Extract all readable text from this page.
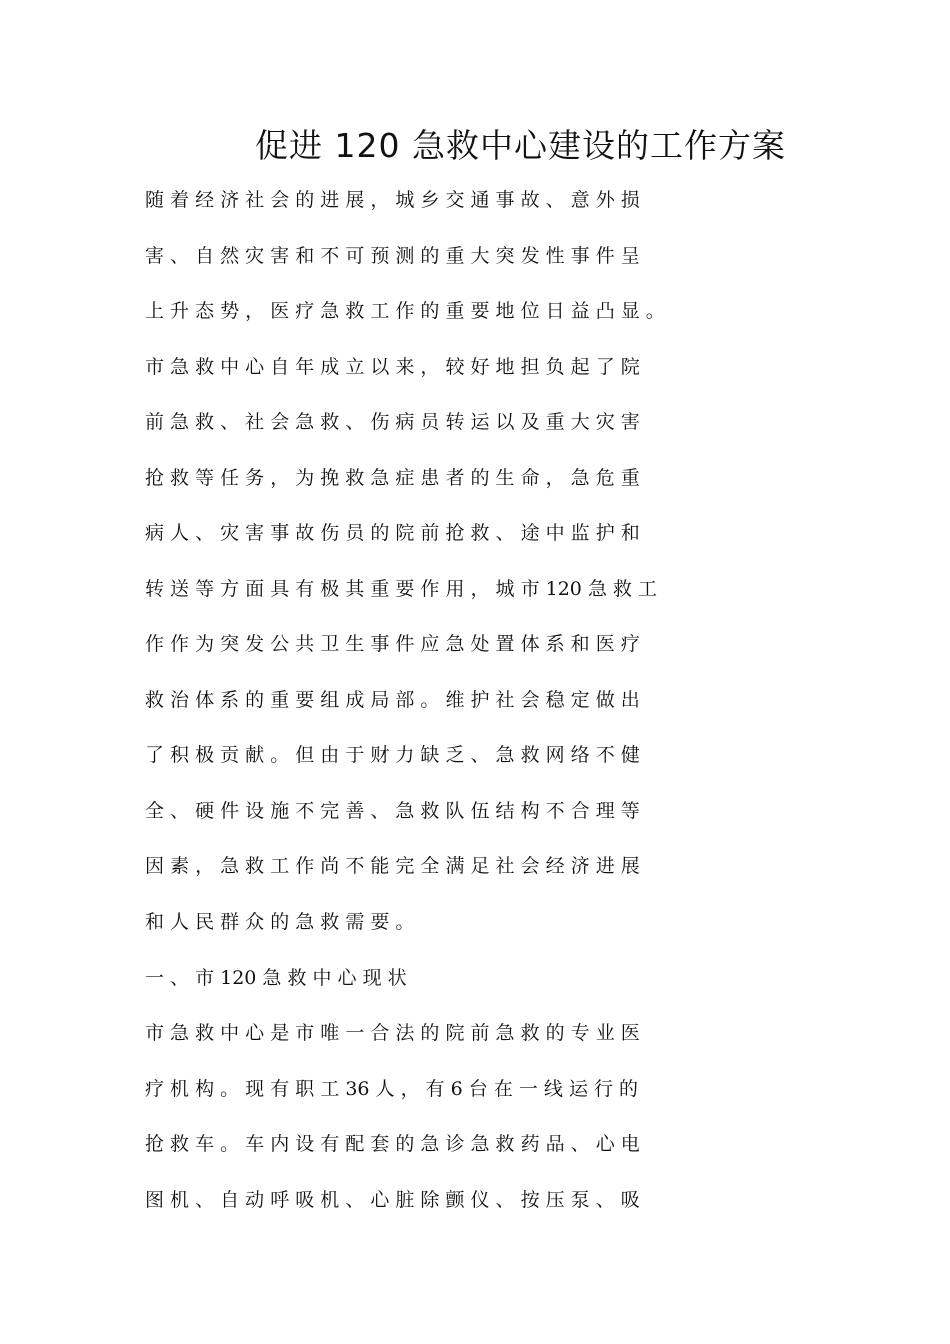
促进 120 急救中心建设的工作方案

随 着 经 济 社 会 的 进 展 ， 城 乡 交 通 事 故 、 意 外 损

害 、 自 然 灾 害 和 不 可 预 测 的 重 大 突 发 性 事 件 呈

上 升 态 势 ， 医 疗 急 救 工 作 的 重 要 地 位 日 益 凸 显 。

市 急 救 中 心 自 年 成 立 以 来 ， 较 好 地 担 负 起 了 院

前 急 救 、 社 会 急 救 、 伤 病 员 转 运 以 及 重 大 灾 害

抢 救 等 任 务 ， 为 挽 救 急 症 患 者 的 生 命 ， 急 危 重

病 人 、 灾 害 事 故 伤 员 的 院 前 抢 救 、 途 中 监 护 和

转 送 等 方 面 具 有 极 其 重 要 作 用 ， 城 市 120 急 救 工

作 作 为 突 发 公 共 卫 生 事 件 应 急 处 置 体 系 和 医 疗

救 治 体 系 的 重 要 组 成 局 部 。 维 护 社 会 稳 定 做 出

了 积 极 贡 献 。 但 由 于 财 力 缺 乏 、 急 救 网 络 不 健

全 、 硬 件 设 施 不 完 善 、 急 救 队 伍 结 构 不 合 理 等

因 素 ， 急 救 工 作 尚 不 能 完 全 满 足 社 会 经 济 进 展

和 人 民 群 众 的 急 救 需 要 。

一 、 市 120 急 救 中 心 现 状

市 急 救 中 心 是 市 唯 一 合 法 的 院 前 急 救 的 专 业 医

疗 机 构 。 现 有 职 工 36 人 ， 有 6 台 在 一 线 运 行 的

抢 救 车 。 车 内 设 有 配 套 的 急 诊 急 救 药 品 、 心 电

图 机 、 自 动 呼 吸 机 、 心 脏 除 颤 仪 、 按 压 泵 、 吸
